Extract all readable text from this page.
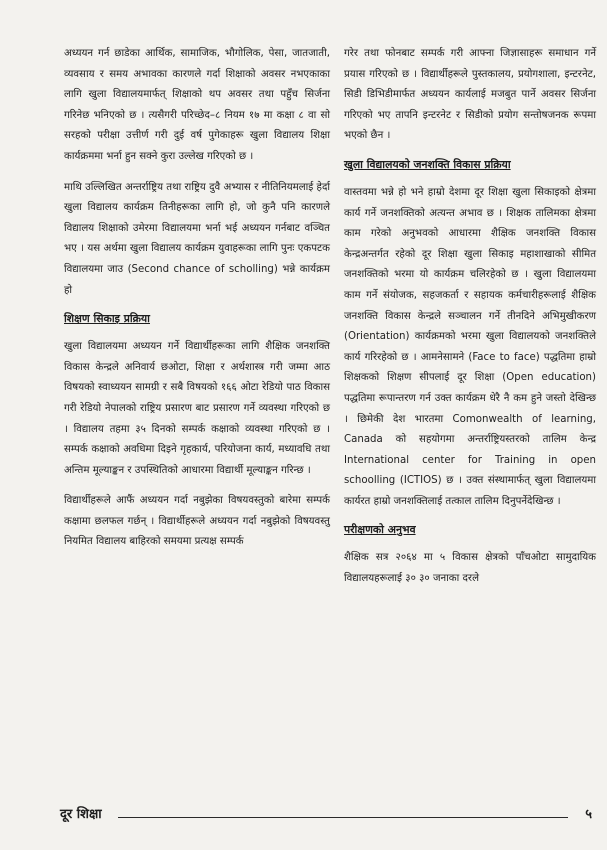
अध्ययन गर्न छाडेका आर्थिक, सामाजिक, भौगोलिक, पेसा, जातजाती, व्यवसाय र समय अभावका कारणले गर्दा शिक्षाको अवसर नभएकाका लागि खुला विद्यालयमार्फत् शिक्षाको थप अवसर तथा पहुँच सिर्जना गरिनेछ भनिएको छ । त्यसैगरी परिच्छेद–८ नियम १७ मा कक्षा ८ वा सो सरहको परीक्षा उत्तीर्ण गरी दुई वर्ष पुगेकाहरू खुला विद्यालय शिक्षा कार्यक्रममा भर्ना हुन सक्ने कुरा उल्लेख गरिएको छ ।

माथि उल्लिखित अन्तर्राष्ट्रिय तथा राष्ट्रिय दुवै अभ्यास र नीतिनियमलाई हेर्दा खुला विद्यालय कार्यक्रम तिनीहरूका लागि हो, जो कुनै पनि कारणले विद्यालय शिक्षाको उमेरमा विद्यालयमा भर्ना भई अध्ययन गर्नबाट वञ्चित भए । यस अर्थमा खुला विद्यालय कार्यक्रम युवाहरूका लागि पुनः एकपटक विद्यालयमा जाउ (Second chance of scholling) भन्ने कार्यक्रम हो

शिक्षण सिकाइ प्रक्रिया

खुला विद्यालयमा अध्ययन गर्ने विद्यार्थीहरूका लागि शैक्षिक जनशक्ति विकास केन्द्रले अनिवार्य छओटा, शिक्षा र अर्थशास्त्र गरी जम्मा आठ विषयको स्वाध्ययन सामग्री र सबै विषयको १६६ ओटा रेडियो पाठ विकास गरी रेडियो नेपालको राष्ट्रिय प्रसारण बाट प्रसारण गर्ने व्यवस्था गरिएको छ । विद्यालय तहमा ३५ दिनको सम्पर्क कक्षाको व्यवस्था गरिएको छ । सम्पर्क कक्षाको अवधिमा दिइने गृहकार्य, परियोजना कार्य, मध्यावधि तथा अन्तिम मूल्याङ्कन र उपस्थितिको आधारमा विद्यार्थी मूल्याङ्कन गरिन्छ ।

विद्यार्थीहरूले आफैं अध्ययन गर्दा नबुझेका विषयवस्तुको बारेमा सम्पर्क कक्षामा छलफल गर्छन् । विद्यार्थीहरूले अध्ययन गर्दा नबुझेको विषयवस्तु नियमित विद्यालय बाहिरको समयमा प्रत्यक्ष सम्पर्क

गरेर तथा फोनबाट सम्पर्क गरी आफ्ना जिज्ञासाहरू समाधान गर्ने प्रयास गरिएको छ । विद्यार्थीहरूले पुस्तकालय, प्रयोगशाला, इन्टरनेट, सिडी डिभिडीमार्फत अध्ययन कार्यलाई मजबुत पार्ने अवसर सिर्जना गरिएको भए तापनि इन्टरनेट र सिडीको प्रयोग सन्तोषजनक रूपमा भएको छैन ।

खुला विद्यालयको जनशक्ति विकास प्रक्रिया

वास्तवमा भन्ने हो भने हाम्रो देशमा दूर शिक्षा खुला सिकाइको क्षेत्रमा कार्य गर्ने जनशक्तिको अत्यन्त अभाव छ । शिक्षक तालिमका क्षेत्रमा काम गरेको अनुभवको आधारमा शैक्षिक जनशक्ति विकास केन्द्रअन्तर्गत रहेको दूर शिक्षा खुला सिकाइ महाशाखाको सीमित जनशक्तिको भरमा यो कार्यक्रम चलिरहेको छ । खुला विद्यालयमा काम गर्ने संयोजक, सहजकर्ता र सहायक कर्मचारीहरूलाई शैक्षिक जनशक्ति विकास केन्द्रले सञ्चालन गर्ने तीनदिने अभिमुखीकरण (Orientation) कार्यक्रमको भरमा खुला विद्यालयको जनशक्तिले कार्य गरिरहेको छ । आमनेसामने (Face to face) पद्धतिमा हाम्रो शिक्षकको शिक्षण सीपलाई दूर शिक्षा (Open education) पद्धतिमा रूपान्तरण गर्न उक्त कार्यक्रम धेरै नै कम हुने जस्तो देखिन्छ । छिमेकी देश भारतमा Comonwealth of learning, Canada को सहयोगमा अन्तर्राष्ट्रियस्तरको तालिम केन्द्र International center for Training in open schoolling (ICTIOS) छ । उक्त संस्थामार्फत् खुला विद्यालयमा कार्यरत हाम्रो जनशक्तिलाई तत्काल तालिम दिनुपर्नेदेखिन्छ ।

परीक्षणको अनुभव

शैक्षिक सत्र २०६४ मा ५ विकास क्षेत्रको पाँचओटा सामुदायिक विद्यालयहरूलाई ३० ३० जनाका दरले

दूर शिक्षा	५
